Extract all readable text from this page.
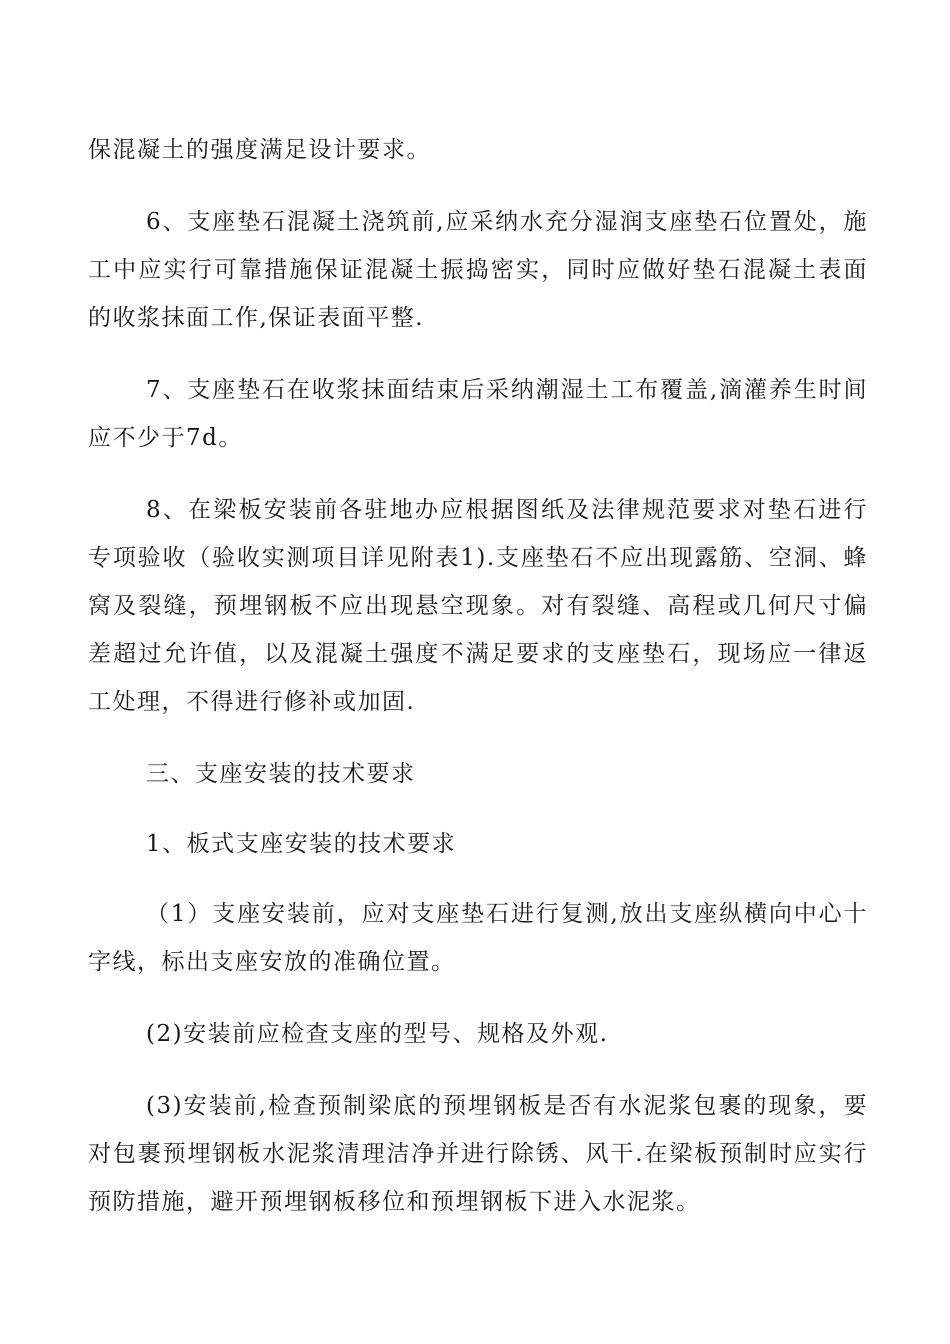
保混凝土的强度满足设计要求。

6、支座垫石混凝土浇筑前,应采纳水充分湿润支座垫石位置处，施工中应实行可靠措施保证混凝土振捣密实，同时应做好垫石混凝土表面的收浆抹面工作,保证表面平整.

7、支座垫石在收浆抹面结束后采纳潮湿土工布覆盖,滴灌养生时间应不少于7d。

8、在梁板安装前各驻地办应根据图纸及法律规范要求对垫石进行专项验收（验收实测项目详见附表1).支座垫石不应出现露筋、空洞、蜂窝及裂缝，预埋钢板不应出现悬空现象。对有裂缝、高程或几何尺寸偏差超过允许值，以及混凝土强度不满足要求的支座垫石，现场应一律返工处理，不得进行修补或加固.

三、支座安装的技术要求

1、板式支座安装的技术要求

（1）支座安装前，应对支座垫石进行复测,放出支座纵横向中心十字线，标出支座安放的准确位置。

(2)安装前应检查支座的型号、规格及外观.

(3)安装前,检查预制梁底的预埋钢板是否有水泥浆包裹的现象，要对包裹预埋钢板水泥浆清理洁净并进行除锈、风干.在梁板预制时应实行预防措施，避开预埋钢板移位和预埋钢板下进入水泥浆。
